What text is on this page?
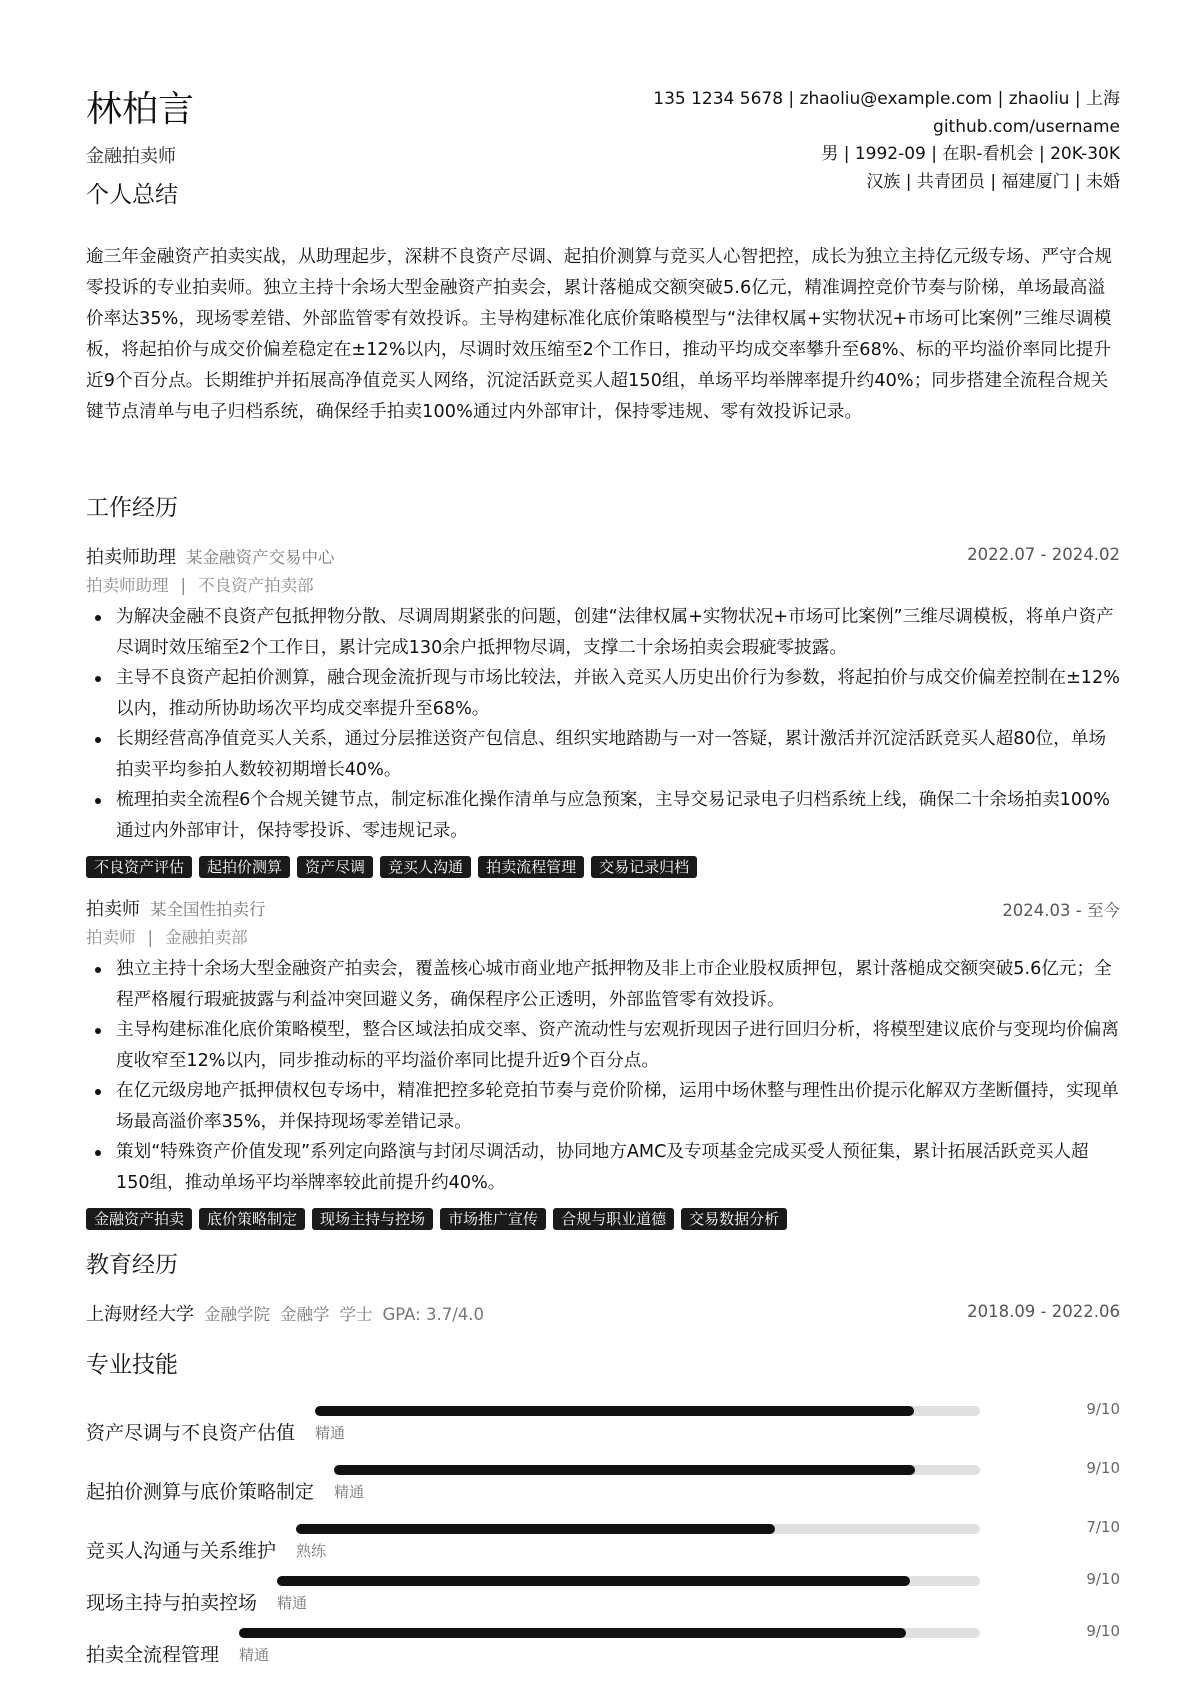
林柏言
金融拍卖师
135 1234 5678 | zhaoliu@example.com | zhaoliu | 上海
github.com/username
男 | 1992-09 | 在职-看机会 | 20K-30K
汉族 | 共青团员 | 福建厦门 | 未婚
个人总结
逾三年金融资产拍卖实战，从助理起步，深耕不良资产尽调、起拍价测算与竞买人心智把控，成长为独立主持亿元级专场、严守合规零投诉的专业拍卖师。独立主持十余场大型金融资产拍卖会，累计落槌成交额突破5.6亿元，精准调控竞价节奏与阶梯，单场最高溢价率达35%，现场零差错、外部监管零有效投诉。主导构建标准化底价策略模型与“法律权属+实物状况+市场可比案例”三维尽调模板，将起拍价与成交价偏差稳定在±12%以内，尽调时效压缩至2个工作日，推动平均成交率攀升至68%、标的平均溢价率同比提升近9个百分点。长期维护并拓展高净值竞买人网络，沉淀活跃竞买人超150组，单场平均举牌率提升约40%；同步搭建全流程合规关键节点清单与电子归档系统，确保经手拍卖100%通过内外部审计，保持零违规、零有效投诉记录。
工作经历
拍卖师助理 某金融资产交易中心	2022.07 - 2024.02
拍卖师助理 | 不良资产拍卖部
为解决金融不良资产包抵押物分散、尽调周期紧张的问题，创建“法律权属+实物状况+市场可比案例”三维尽调模板，将单户资产尽调时效压缩至2个工作日，累计完成130余户抵押物尽调，支撑二十余场拍卖会瑕疵零披露。
主导不良资产起拍价测算，融合现金流折现与市场比较法，并嵌入竞买人历史出价行为参数，将起拍价与成交价偏差控制在±12%以内，推动所协助场次平均成交率提升至68%。
长期经营高净值竞买人关系，通过分层推送资产包信息、组织实地踏勘与一对一答疑，累计激活并沉淀活跃竞买人超80位，单场拍卖平均参拍人数较初期增长40%。
梳理拍卖全流程6个合规关键节点，制定标准化操作清单与应急预案，主导交易记录电子归档系统上线，确保二十余场拍卖100%通过内外部审计，保持零投诉、零违规记录。
不良资产评估	起拍价测算	资产尽调	竞买人沟通	拍卖流程管理	交易记录归档
拍卖师 某全国性拍卖行	2024.03 - 至今
拍卖师 | 金融拍卖部
独立主持十余场大型金融资产拍卖会，覆盖核心城市商业地产抵押物及非上市企业股权质押包，累计落槌成交额突破5.6亿元；全程严格履行瑕疵披露与利益冲突回避义务，确保程序公正透明，外部监管零有效投诉。
主导构建标准化底价策略模型，整合区域法拍成交率、资产流动性与宏观折现因子进行回归分析，将模型建议底价与变现均价偏离度收窄至12%以内，同步推动标的平均溢价率同比提升近9个百分点。
在亿元级房地产抵押债权包专场中，精准把控多轮竞拍节奏与竞价阶梯，运用中场休整与理性出价提示化解双方垄断僵持，实现单场最高溢价率35%，并保持现场零差错记录。
策划“特殊资产价值发现”系列定向路演与封闭尽调活动，协同地方AMC及专项基金完成买受人预征集，累计拓展活跃竞买人超150组，推动单场平均举牌率较此前提升约40%。
金融资产拍卖	底价策略制定	现场主持与控场	市场推广宣传	合规与职业道德	交易数据分析
教育经历
上海财经大学 金融学院 金融学 学士 GPA: 3.7/4.0	2018.09 - 2022.06
专业技能
资产尽调与不良资产估值 精通
9/10
起拍价测算与底价策略制定 精通
9/10
竞买人沟通与关系维护 熟练
7/10
现场主持与拍卖控场 精通
9/10
拍卖全流程管理 精通
9/10
